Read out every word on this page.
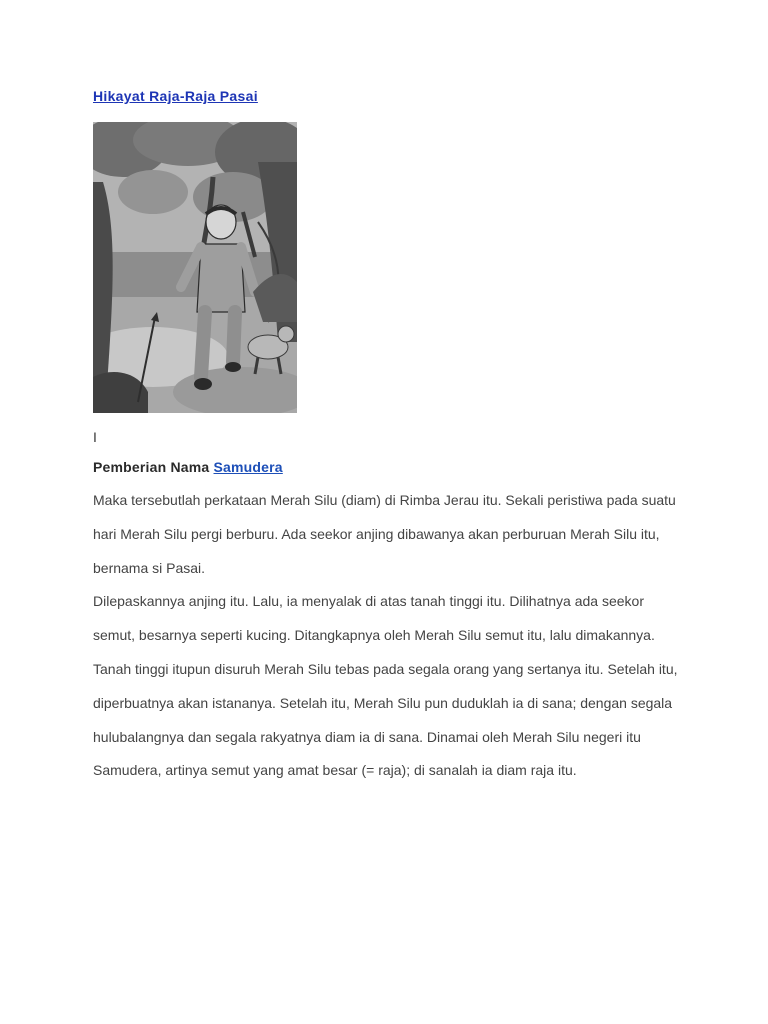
Hikayat Raja-Raja Pasai
I
Pemberian Nama Samudera

Maka tersebutlah perkataan Merah Silu (diam) di Rimba Jerau itu. Sekali peristiwa pada suatu hari Merah Silu pergi berburu. Ada seekor anjing dibawanya akan perburuan Merah Silu itu, bernama si Pasai.

Dilepaskannya anjing itu. Lalu, ia menyalak di atas tanah tinggi itu. Dilihatnya ada seekor semut, besarnya seperti kucing. Ditangkapnya oleh Merah Silu semut itu, lalu dimakannya. Tanah tinggi itupun disuruh Merah Silu tebas pada segala orang yang sertanya itu. Setelah itu, diperbuatnya akan istananya. Setelah itu, Merah Silu pun duduklah ia di sana; dengan segala hulubalangnya dan segala rakyatnya diam ia di sana. Dinamai oleh Merah Silu negeri itu Samudera, artinya semut yang amat besar (= raja); di sanalah ia diam raja itu.
